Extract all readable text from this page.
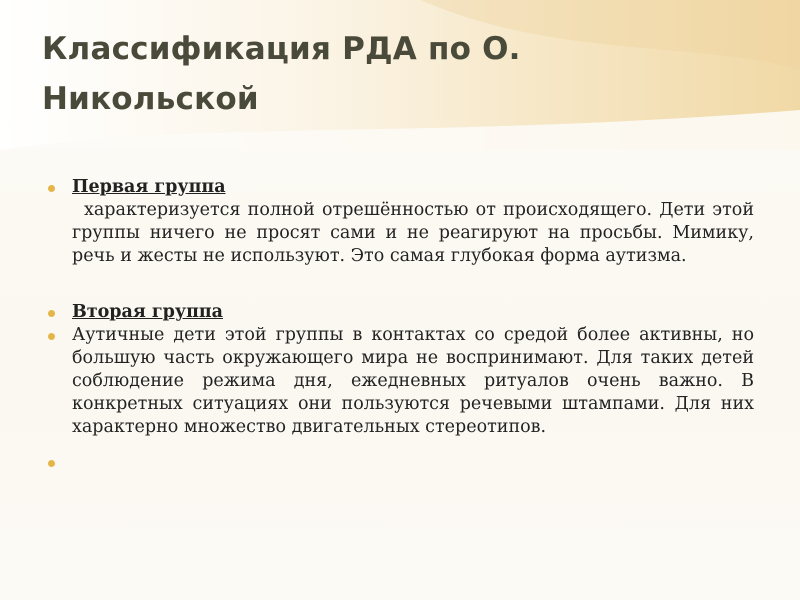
Классификация РДА по О. Никольской
Первая группа
характеризуется полной отрешённостью от происходящего. Дети этой группы ничего не просят сами и не реагируют на просьбы. Мимику, речь и жесты не используют. Это самая глубокая форма аутизма.
Вторая группа
Аутичные дети этой группы в контактах со средой более активны, но большую часть окружающего мира не воспринимают. Для таких детей соблюдение режима дня, ежедневных ритуалов очень важно. В конкретных ситуациях они пользуются речевыми штампами. Для них характерно множество двигательных стереотипов.
